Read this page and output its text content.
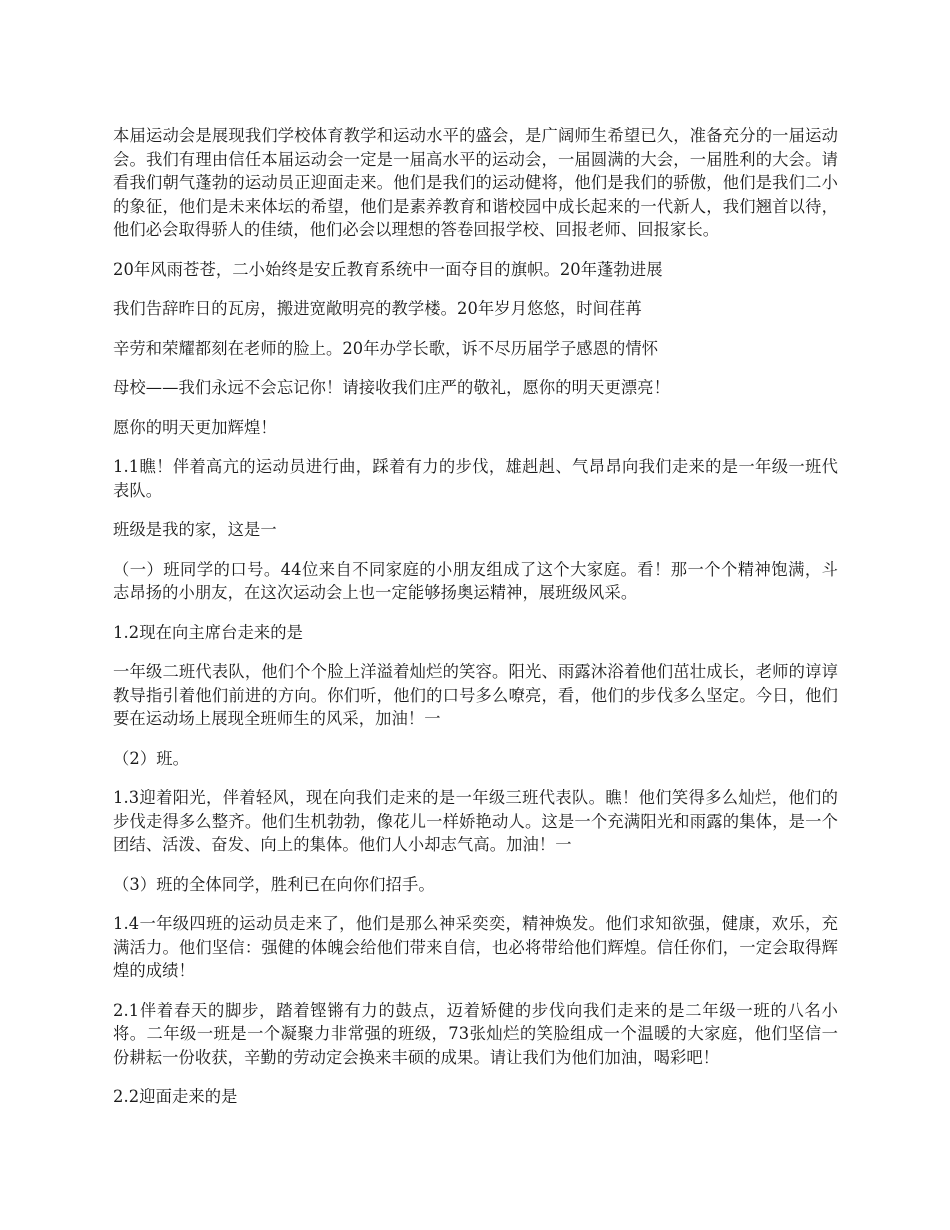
本届运动会是展现我们学校体育教学和运动水平的盛会，是广阔师生希望已久，准备充分的一届运动会。我们有理由信任本届运动会一定是一届高水平的运动会，一届圆满的大会，一届胜利的大会。请看我们朝气蓬勃的运动员正迎面走来。他们是我们的运动健将，他们是我们的骄傲，他们是我们二小的象征，他们是未来体坛的希望，他们是素养教育和谐校园中成长起来的一代新人，我们翘首以待，他们必会取得骄人的佳绩，他们必会以理想的答卷回报学校、回报老师、回报家长。

20年风雨苍苍，二小始终是安丘教育系统中一面夺目的旗帜。20年蓬勃进展

我们告辞昨日的瓦房，搬进宽敞明亮的教学楼。20年岁月悠悠，时间荏苒

辛劳和荣耀都刻在老师的脸上。20年办学长歌，诉不尽历届学子感恩的情怀

母校——我们永远不会忘记你！请接收我们庄严的敬礼，愿你的明天更漂亮！

愿你的明天更加辉煌！

1.1瞧！伴着高亢的运动员进行曲，踩着有力的步伐，雄赳赳、气昂昂向我们走来的是一年级一班代表队。

班级是我的家，这是一

（一）班同学的口号。44位来自不同家庭的小朋友组成了这个大家庭。看！那一个个精神饱满，斗志昂扬的小朋友，在这次运动会上也一定能够扬奥运精神，展班级风采。

1.2现在向主席台走来的是

一年级二班代表队，他们个个脸上洋溢着灿烂的笑容。阳光、雨露沐浴着他们茁壮成长，老师的谆谆教导指引着他们前进的方向。你们听，他们的口号多么嘹亮，看，他们的步伐多么坚定。今日，他们要在运动场上展现全班师生的风采，加油！一

（2）班。

1.3迎着阳光，伴着轻风，现在向我们走来的是一年级三班代表队。瞧！他们笑得多么灿烂，他们的步伐走得多么整齐。他们生机勃勃，像花儿一样娇艳动人。这是一个充满阳光和雨露的集体，是一个团结、活泼、奋发、向上的集体。他们人小却志气高。加油！一

（3）班的全体同学，胜利已在向你们招手。

1.4一年级四班的运动员走来了，他们是那么神采奕奕，精神焕发。他们求知欲强，健康，欢乐，充满活力。他们坚信：强健的体魄会给他们带来自信，也必将带给他们辉煌。信任你们，一定会取得辉煌的成绩！

2.1伴着春天的脚步，踏着铿锵有力的鼓点，迈着矫健的步伐向我们走来的是二年级一班的八名小将。二年级一班是一个凝聚力非常强的班级，73张灿烂的笑脸组成一个温暖的大家庭，他们坚信一份耕耘一份收获，辛勤的劳动定会换来丰硕的成果。请让我们为他们加油，喝彩吧！

2.2迎面走来的是
